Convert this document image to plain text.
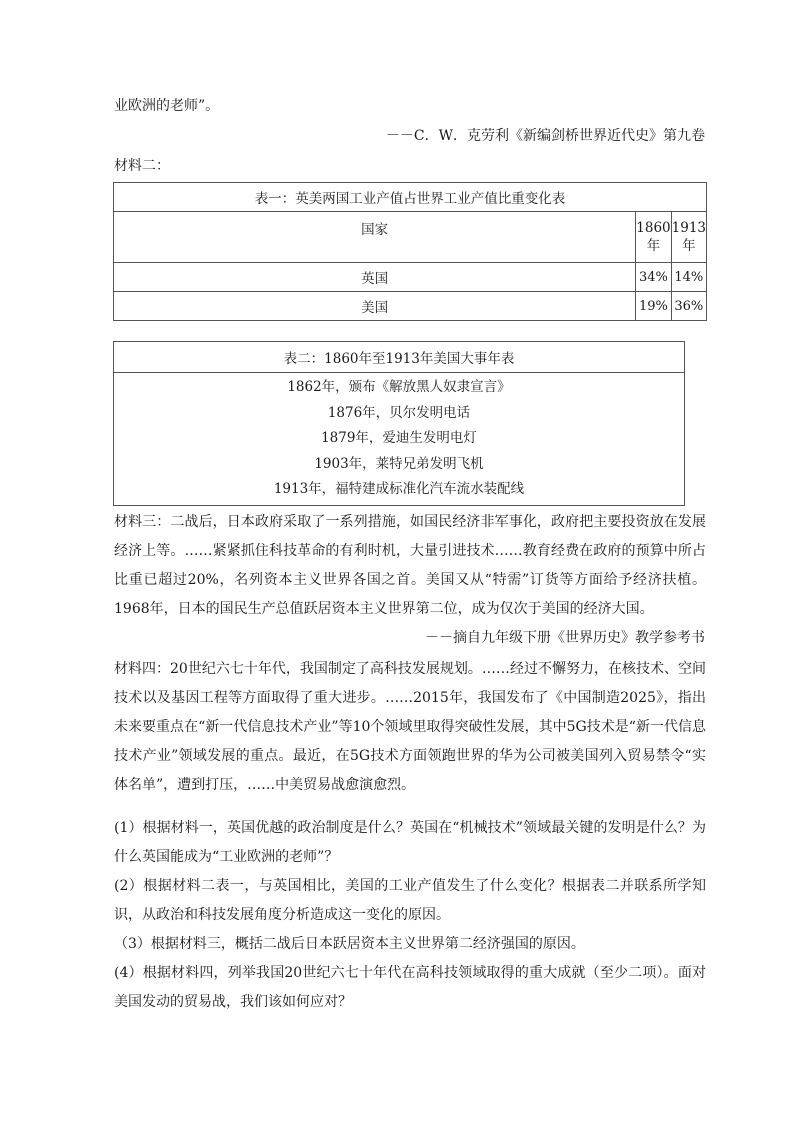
业欧洲的老师”。
－－C．W．克劳利《新编剑桥世界近代史》第九卷
材料二：
表一：英美两国工业产值占世界工业产值比重变化表		
国家	1860年	1913年
英国	34%	14%
美国	19%	36%
表二：1860年至1913年美国大事年表

1862年，颁布《解放黑人奴隶宣言》
1876年，贝尔发明电话
1879年，爱迪生发明电灯
1903年，莱特兄弟发明飞机
1913年，福特建成标准化汽车流水装配线

材料三：二战后，日本政府采取了一系列措施，如国民经济非军事化，政府把主要投资放在发展经济上等。……紧紧抓住科技革命的有利时机，大量引进技术……教育经费在政府的预算中所占比重已超过20%，名列资本主义世界各国之首。美国又从“特需”订货等方面给予经济扶植。1968年，日本的国民生产总值跃居资本主义世界第二位，成为仅次于美国的经济大国。

－－摘自九年级下册《世界历史》教学参考书

材料四：20世纪六七十年代，我国制定了高科技发展规划。……经过不懈努力，在核技术、空间技术以及基因工程等方面取得了重大进步。……2015年，我国发布了《中国制造2025》，指出未来要重点在“新一代信息技术产业”等10个领域里取得突破性发展，其中5G技术是“新一代信息技术产业”领域发展的重点。最近，在5G技术方面领跑世界的华为公司被美国列入贸易禁令“实体名单”，遭到打压，……中美贸易战愈演愈烈。

(1）根据材料一，英国优越的政治制度是什么？英国在“机械技术”领域最关键的发明是什么？为什么英国能成为“工业欧洲的老师”？

(2）根据材料二表一，与英国相比，美国的工业产值发生了什么变化？根据表二并联系所学知识，从政治和科技发展角度分析造成这一变化的原因。

（3）根据材料三，概括二战后日本跃居资本主义世界第二经济强国的原因。

(4）根据材料四，列举我国20世纪六七十年代在高科技领域取得的重大成就（至少二项）。面对美国发动的贸易战，我们该如何应对？
